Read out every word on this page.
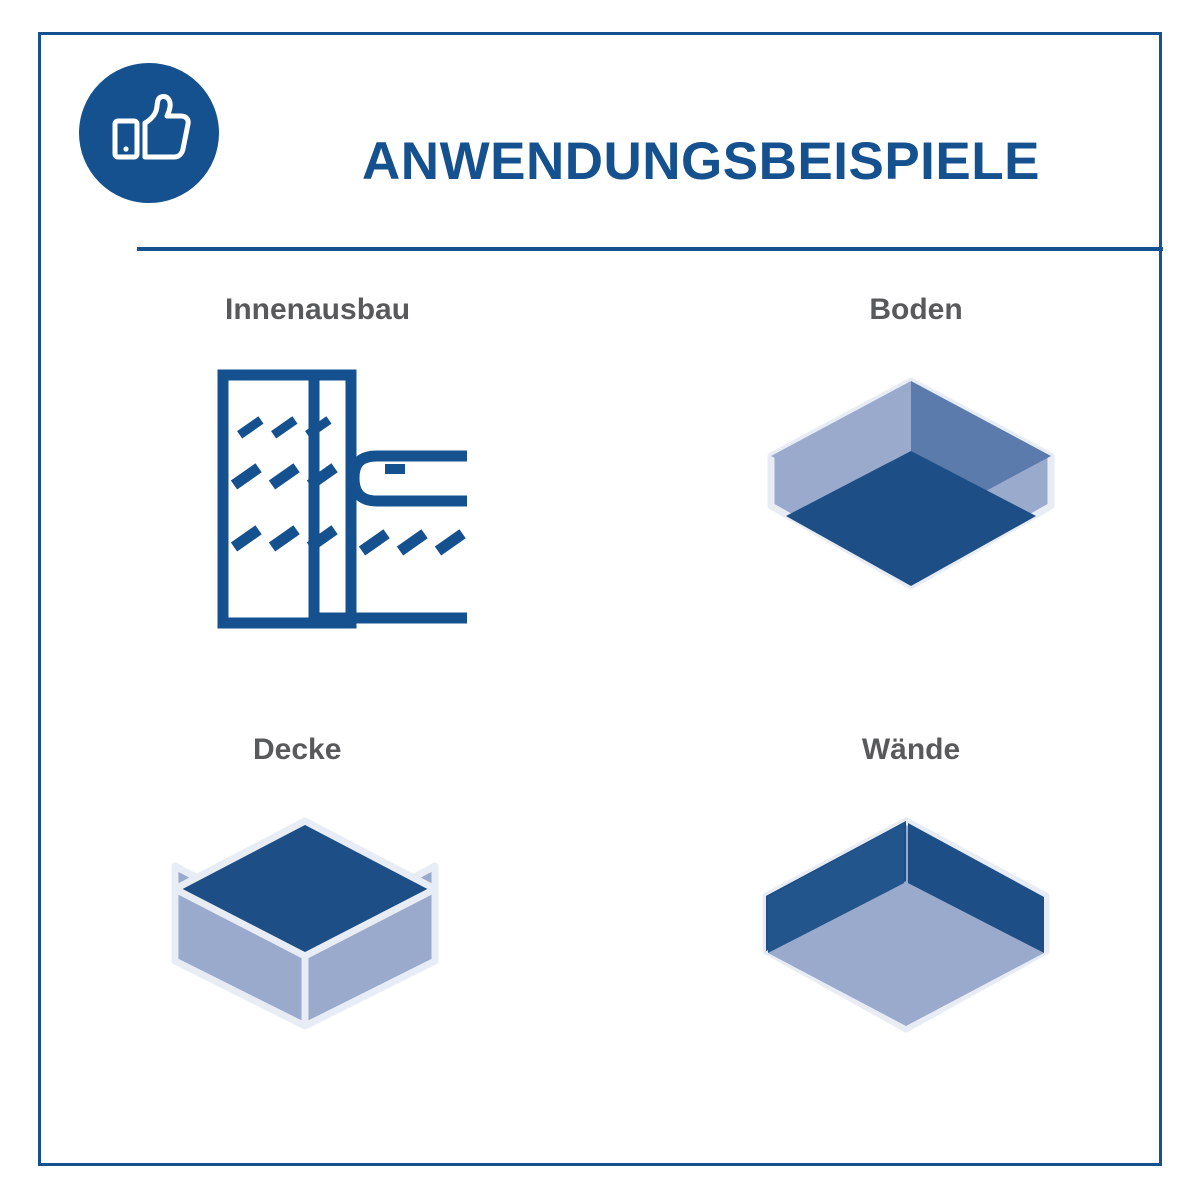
ANWENDUNGSBEISPIELE
Innenausbau	Boden
Decke	Wände
